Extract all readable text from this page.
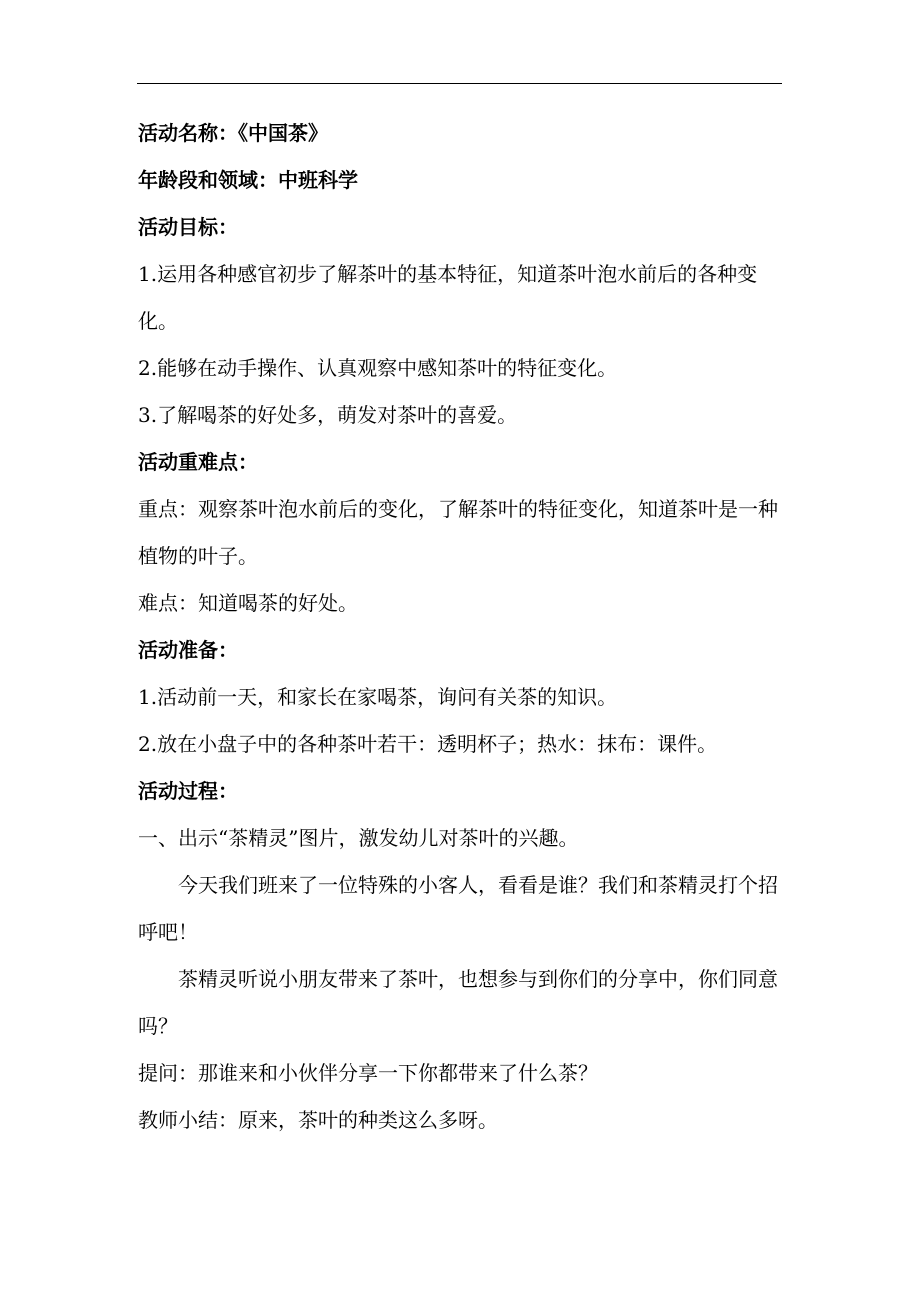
活动名称：《中国茶》

年龄段和领域：中班科学

活动目标：

1.运用各种感官初步了解茶叶的基本特征，知道茶叶泡水前后的各种变化。

2.能够在动手操作、认真观察中感知茶叶的特征变化。

3.了解喝茶的好处多，萌发对茶叶的喜爱。

活动重难点：

重点：观察茶叶泡水前后的变化，了解茶叶的特征变化，知道茶叶是一种植物的叶子。

难点：知道喝茶的好处。

活动准备：

1.活动前一天，和家长在家喝茶，询问有关茶的知识。

2.放在小盘子中的各种茶叶若干：透明杯子；热水：抹布：课件。

活动过程：

一、出示“茶精灵”图片，激发幼儿对茶叶的兴趣。

今天我们班来了一位特殊的小客人，看看是谁？我们和茶精灵打个招呼吧！

茶精灵听说小朋友带来了茶叶，也想参与到你们的分享中，你们同意吗？

提问：那谁来和小伙伴分享一下你都带来了什么茶？

教师小结：原来，茶叶的种类这么多呀。
